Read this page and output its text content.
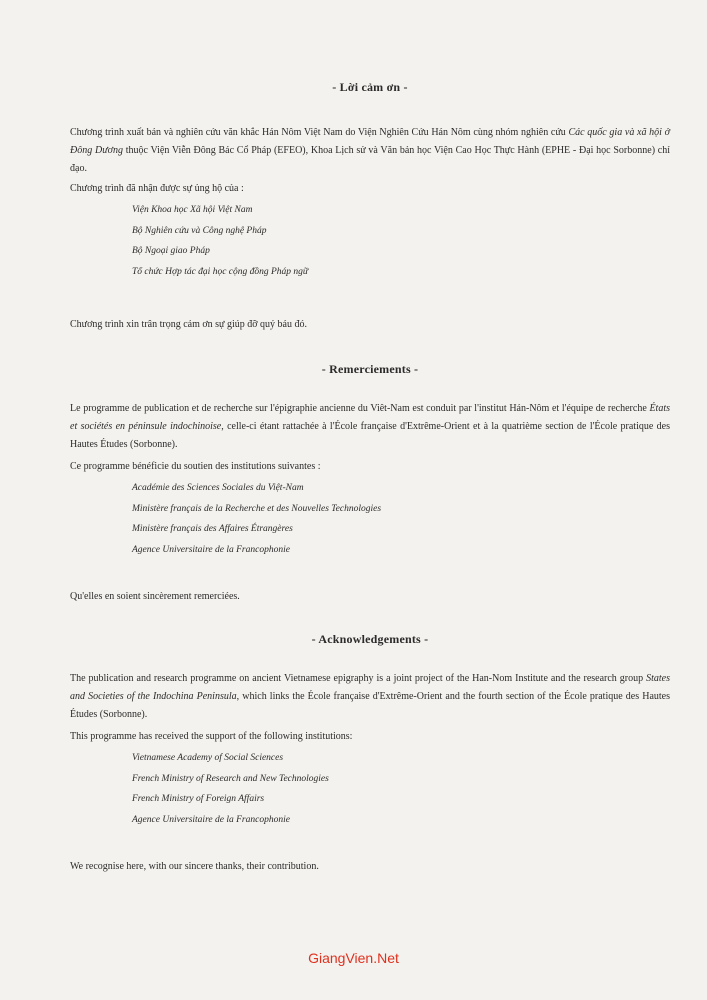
- Lời cảm ơn -

Chương trình xuất bản và nghiên cứu văn khắc Hán Nôm Việt Nam do Viện Nghiên Cứu Hán Nôm cùng nhóm nghiên cứu Các quốc gia và xã hội ở Đông Dương thuộc Viện Viễn Đông Bác Cổ Pháp (EFEO), Khoa Lịch sử và Văn bản học Viện Cao Học Thực Hành (EPHE - Đại học Sorbonne) chỉ đạo.

Chương trình đã nhận được sự ủng hộ của :

Viện Khoa học Xã hội Việt Nam
Bộ Nghiên cứu và Công nghệ Pháp
Bộ Ngoại giao Pháp
Tổ chức Hợp tác đại học cộng đồng Pháp ngữ

Chương trình xin trân trọng cảm ơn sự giúp đỡ quý báu đó.

- Remerciements -

Le programme de publication et de recherche sur l'épigraphie ancienne du Viêt-Nam est conduit par l'institut Hán-Nôm et l'équipe de recherche États et sociétés en péninsule indochinoise, celle-ci étant rattachée à l'École française d'Extrême-Orient et à la quatrième section de l'École pratique des Hautes Études (Sorbonne).

Ce programme bénéficie du soutien des institutions suivantes :

Académie des Sciences Sociales du Việt-Nam
Ministère français de la Recherche et des Nouvelles Technologies
Ministère français des Affaires Étrangères
Agence Universitaire de la Francophonie

Qu'elles en soient sincèrement remerciées.

- Acknowledgements -

The publication and research programme on ancient Vietnamese epigraphy is a joint project of the Han-Nom Institute and the research group States and Societies of the Indochina Peninsula, which links the École française d'Extrême-Orient and the fourth section of the École pratique des Hautes Études (Sorbonne).

This programme has received the support of the following institutions:

Vietnamese Academy of Social Sciences
French Ministry of Research and New Technologies
French Ministry of Foreign Affairs
Agence Universitaire de la Francophonie

We recognise here, with our sincere thanks, their contribution.

GiangVien.Net
